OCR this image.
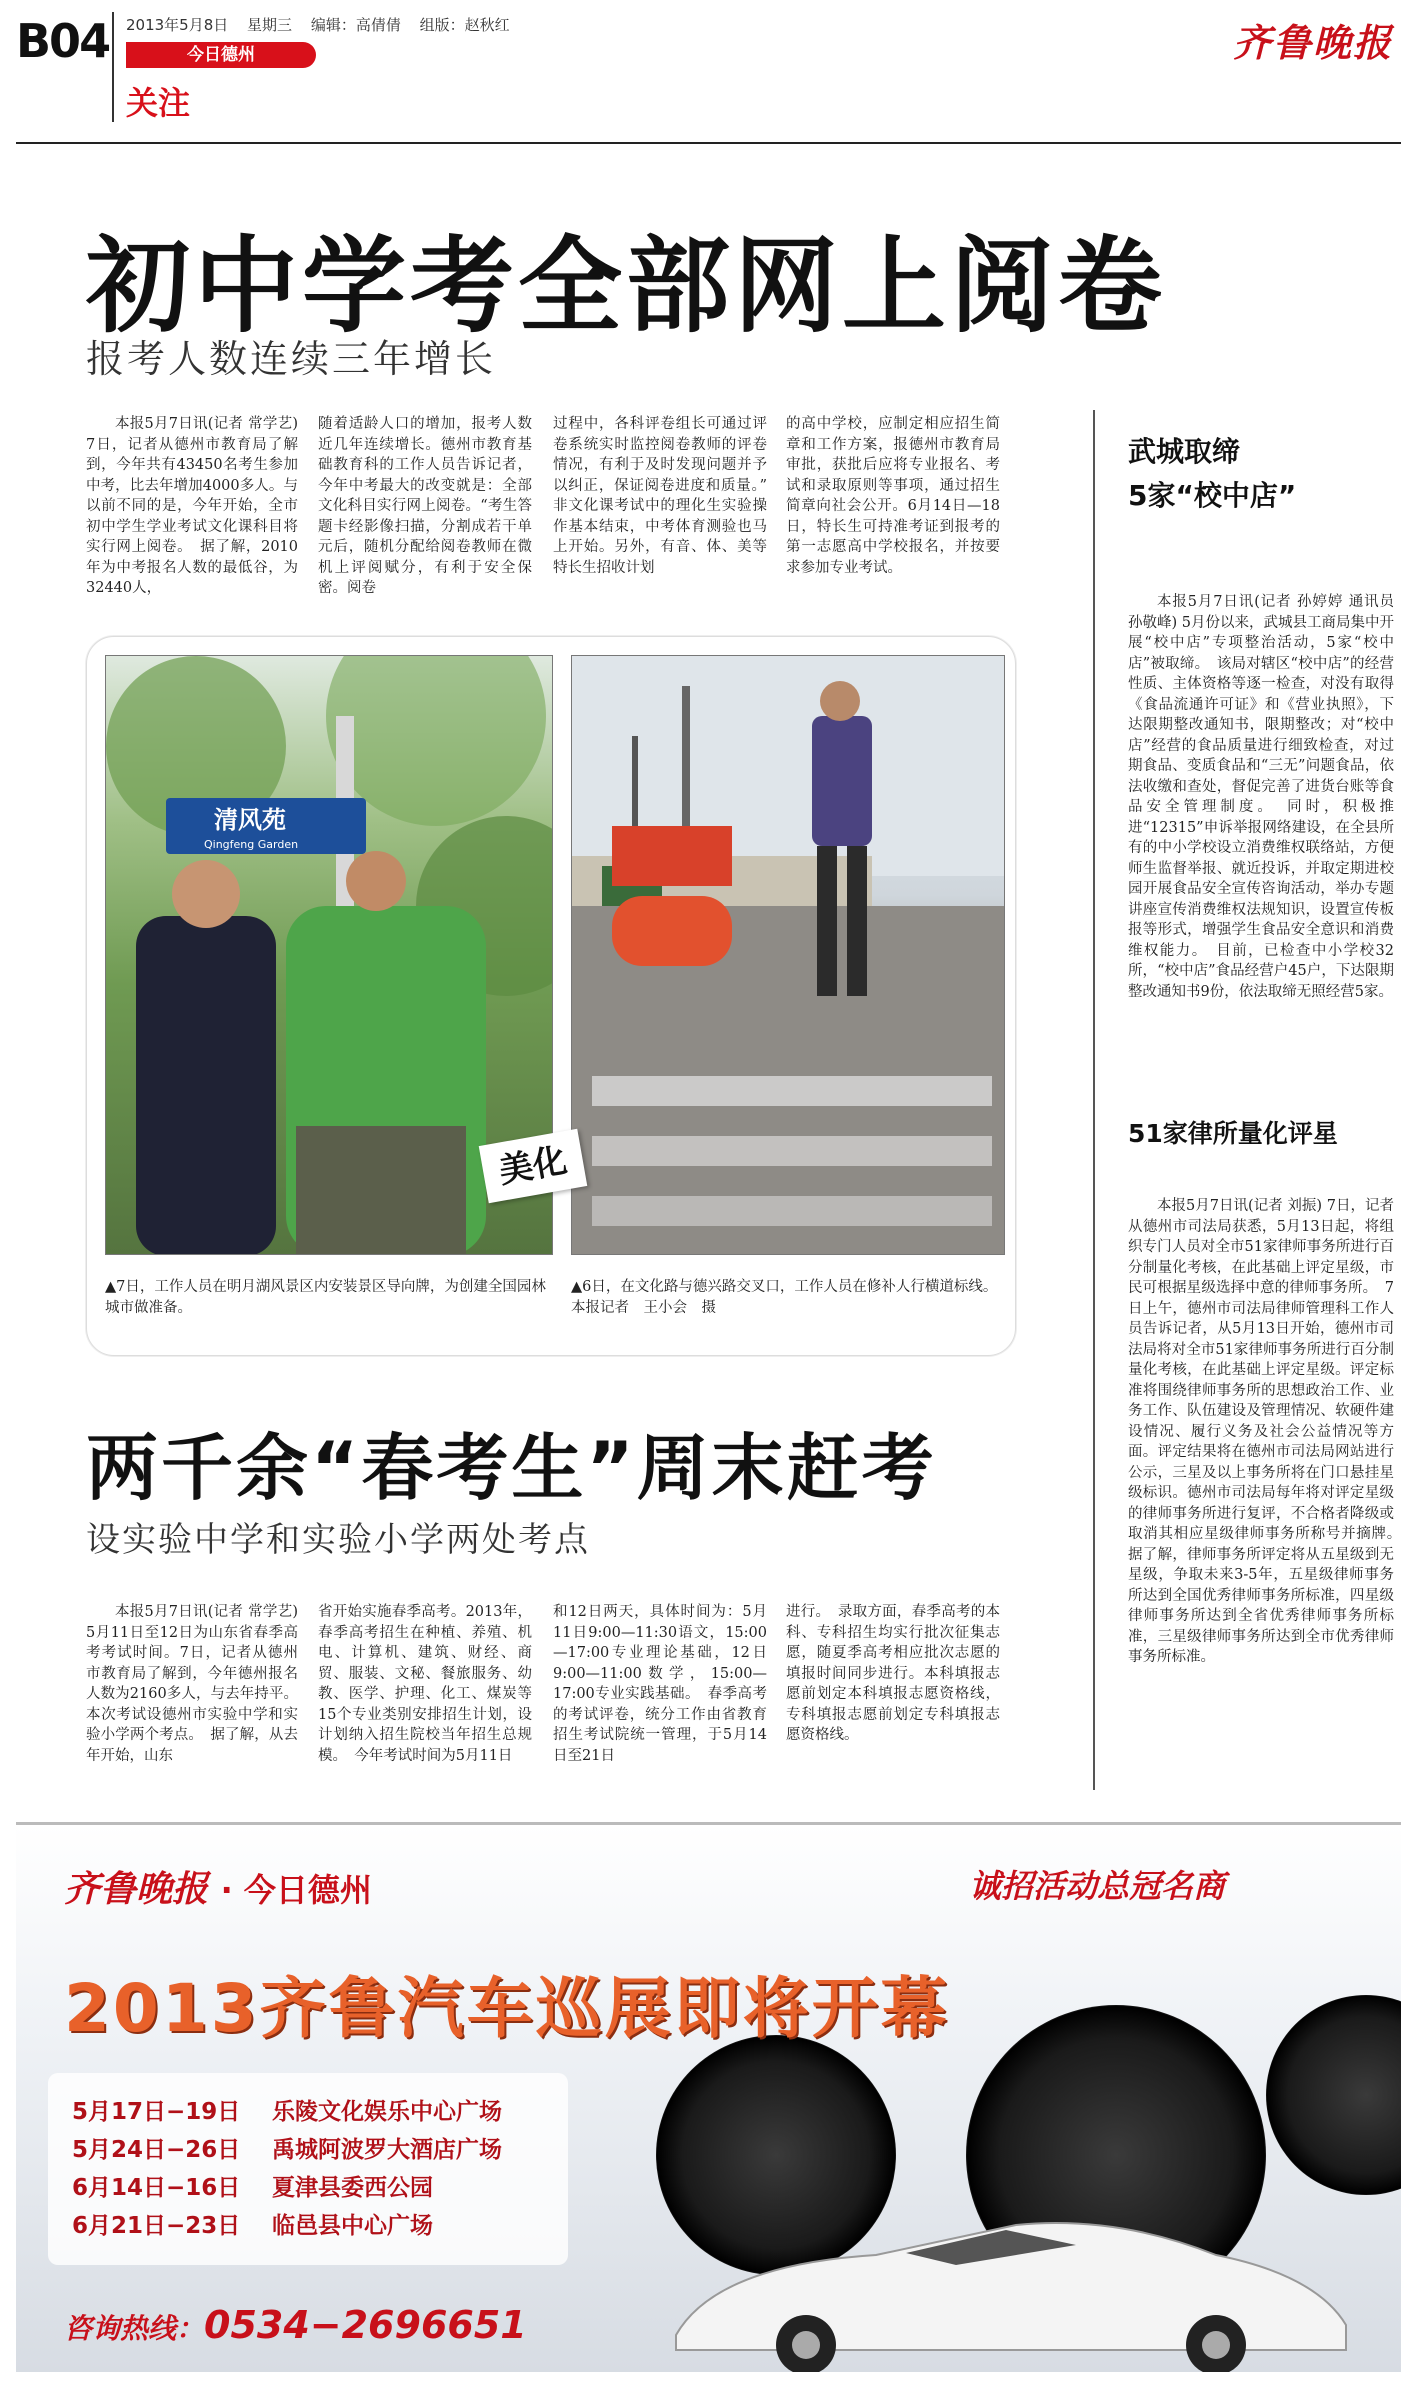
B04 2013年5月8日 星期三 编辑：高倩倩 组版：赵秋红
今日德州
关注
齐鲁晚报
初中学考全部网上阅卷
报考人数连续三年增长

本报5月7日讯(记者 常学艺) 7日，记者从德州市教育局了解到，今年共有43450名考生参加中考，比去年增加4000多人。与以前不同的是，今年开始，全市初中学生学业考试文化课科目将实行网上阅卷。　据了解，2010年为中考报名人数的最低谷，为32440人，

随着适龄人口的增加，报考人数近几年连续增长。德州市教育基础教育科的工作人员告诉记者，今年中考最大的改变就是：全部文化科目实行网上阅卷。“考生答题卡经影像扫描，分割成若干单元后，随机分配给阅卷教师在微机上评阅赋分，有利于安全保密。阅卷

过程中，各科评卷组长可通过评卷系统实时监控阅卷教师的评卷情况，有利于及时发现问题并予以纠正，保证阅卷进度和质量。”　非文化课考试中的理化生实验操作基本结束，中考体育测验也马上开始。另外，有音、体、美等特长生招收计划

的高中学校，应制定相应招生简章和工作方案，报德州市教育局审批，获批后应将专业报名、考试和录取原则等事项，通过招生简章向社会公开。6月14日—18日，特长生可持准考证到报考的第一志愿高中学校报名，并按要求参加专业考试。

清风苑
Qingfeng Garden
美化
▲7日，工作人员在明月湖风景区内安装景区导向牌，为创建全国园林城市做准备。
▲6日，在文化路与德兴路交叉口，工作人员在修补人行横道标线。　　本报记者　王小会　摄
两千余“春考生”周末赶考
设实验中学和实验小学两处考点

本报5月7日讯(记者 常学艺) 5月11日至12日为山东省春季高考考试时间。7日，记者从德州市教育局了解到，今年德州报名人数为2160多人，与去年持平。本次考试设德州市实验中学和实验小学两个考点。　据了解，从去年开始，山东

省开始实施春季高考。2013年，春季高考招生在种植、养殖、机电、计算机、建筑、财经、商贸、服装、文秘、餐旅服务、幼教、医学、护理、化工、煤炭等15个专业类别安排招生计划，设计划纳入招生院校当年招生总规模。　今年考试时间为5月11日

和12日两天，具体时间为：5月11日9:00—11:30语文，15:00—17:00专业理论基础，12日9:00—11:00数学，15:00—17:00专业实践基础。　春季高考的考试评卷，统分工作由省教育招生考试院统一管理，于5月14日至21日

进行。　录取方面，春季高考的本科、专科招生均实行批次征集志愿，随夏季高考相应批次志愿的填报时间同步进行。本科填报志愿前划定本科填报志愿资格线，专科填报志愿前划定专科填报志愿资格线。

武城取缔
5家“校中店”

本报5月7日讯(记者 孙婷婷 通讯员 孙敬峰) 5月份以来，武城县工商局集中开展“校中店”专项整治活动，5家“校中店”被取缔。　该局对辖区“校中店”的经营性质、主体资格等逐一检查，对没有取得《食品流通许可证》和《营业执照》，下达限期整改通知书，限期整改；对“校中店”经营的食品质量进行细致检查，对过期食品、变质食品和“三无”问题食品，依法收缴和查处，督促完善了进货台账等食品安全管理制度。　同时，积极推进“12315”申诉举报网络建设，在全县所有的中小学校设立消费维权联络站，方便师生监督举报、就近投诉，并取定期进校园开展食品安全宣传咨询活动，举办专题讲座宣传消费维权法规知识，设置宣传板报等形式，增强学生食品安全意识和消费维权能力。　目前，已检查中小学校32所，“校中店”食品经营户45户，下达限期整改通知书9份，依法取缔无照经营5家。

51家律所量化评星

本报5月7日讯(记者 刘振) 7日，记者从德州市司法局获悉，5月13日起，将组织专门人员对全市51家律师事务所进行百分制量化考核，在此基础上评定星级，市民可根据星级选择中意的律师事务所。　7日上午，德州市司法局律师管理科工作人员告诉记者，从5月13日开始，德州市司法局将对全市51家律师事务所进行百分制量化考核，在此基础上评定星级。评定标准将围绕律师事务所的思想政治工作、业务工作、队伍建设及管理情况、软硬件建设情况、履行义务及社会公益情况等方面。评定结果将在德州市司法局网站进行公示，三星及以上事务所将在门口悬挂星级标识。德州市司法局每年将对评定星级的律师事务所进行复评，不合格者降级或取消其相应星级律师事务所称号并摘牌。　据了解，律师事务所评定将从五星级到无星级，争取未来3-5年，五星级律师事务所达到全国优秀律师事务所标准，四星级律师事务所达到全省优秀律师事务所标准，三星级律师事务所达到全市优秀律师事务所标准。

齐鲁晚报 · 今日德州	诚招活动总冠名商
2013齐鲁汽车巡展即将开幕
5月17日−19日	乐陵文化娱乐中心广场
5月24日−26日	禹城阿波罗大酒店广场
6月14日−16日	夏津县委西公园
6月21日−23日	临邑县中心广场
咨询热线：0534−2696651
